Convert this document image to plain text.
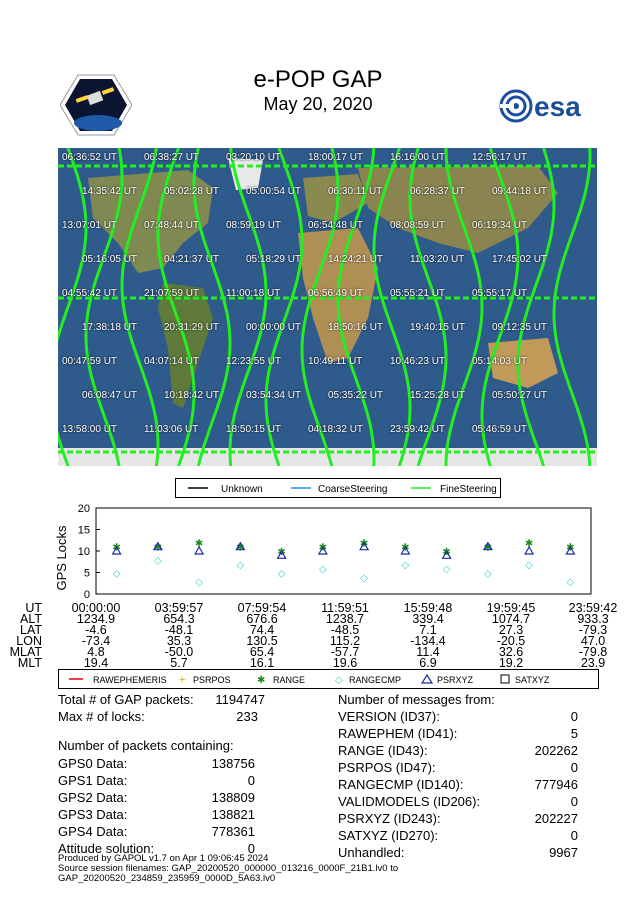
e-POP GAP
May 20, 2020	esa
06:36:52 UT	06:38:27 UT	03:20:10 UT	18:00:17 UT	16:16:00 UT	12:56:17 UT
14:35:42 UT	05:02:28 UT	05:00:54 UT	06:30:11 UT	06:28:37 UT	09:44:18 UT
13:07:01 UT	07:48:44 UT	08:59:19 UT	06:54:48 UT	08:08:59 UT	06:19:34 UT
05:16:05 UT	04:21:37 UT	05:18:29 UT	14:24:21 UT	11:03:20 UT	17:45:02 UT
04:55:42 UT	21:07:59 UT	11:00:18 UT	06:56:49 UT	05:55:21 UT	05:55:17 UT
17:38:18 UT	20:31:29 UT	00:00:00 UT	18:50:16 UT	19:40:15 UT	09:12:35 UT
00:47:59 UT	04:07:14 UT	12:23:55 UT	10:49:11 UT	10:46:23 UT	05:14:03 UT
06:08:47 UT	10:18:42 UT	03:54:34 UT	05:35:22 UT	15:25:28 UT	05:50:27 UT
13:58:00 UT	11:03:06 UT	18:50:15 UT	04:18:32 UT	23:59:42 UT	05:46:59 UT
Unknown	CoarseSteering	FineSteering
GPS Locks
0
5
10
15
20
✱
◇
✱
◇
✱
◇
✱
◇
✱
◇
✱
◇
✱
◇
✱
◇
✱
◇
✱
◇
✱
◇
✱
◇
UT	00:00:00	03:59:57	07:59:54	11:59:51	15:59:48	19:59:45	23:59:42
ALT	1234.9	654.3	676.6	1238.7	339.4	1074.7	933.3
LAT	-4.6	-48.1	74.4	-48.5	7.1	27.3	-79.3
LON	-73.4	35.3	130.5	115.2	-134.4	-20.5	47.0
MLAT	4.8	-50.0	65.4	-57.7	11.4	32.6	-79.8
MLT	19.4	5.7	16.1	19.6	6.9	19.2	23.9
RAWEPHEMERIS + PSRPOS	✱ RANGE	◇ RANGECMP	PSRXYZ	SATXYZ
Total # of GAP packets:	1194747
Max # of locks:	233
Number of packets containing:
Number of messages from:
Produced by GAPOL v1.7 on Apr 1 09:06:45 2024
Source session filenames: GAP_20200520_000000_013216_0000F_21B1.lv0 to
GAP_20200520_234859_235959_0000D_5A63.lv0
GPS0 Data:	138756
GPS1 Data:	0
GPS2 Data:	138809
GPS3 Data:	138821
GPS4 Data:	778361
Attitude solution:	0
VERSION (ID37):	0
RAWEPHEM (ID41):	5
RANGE (ID43):	202262
PSRPOS (ID47):	0
RANGECMP (ID140):	777946
VALIDMODELS (ID206):	0
PSRXYZ (ID243):	202227
SATXYZ (ID270):	0
Unhandled:	9967
